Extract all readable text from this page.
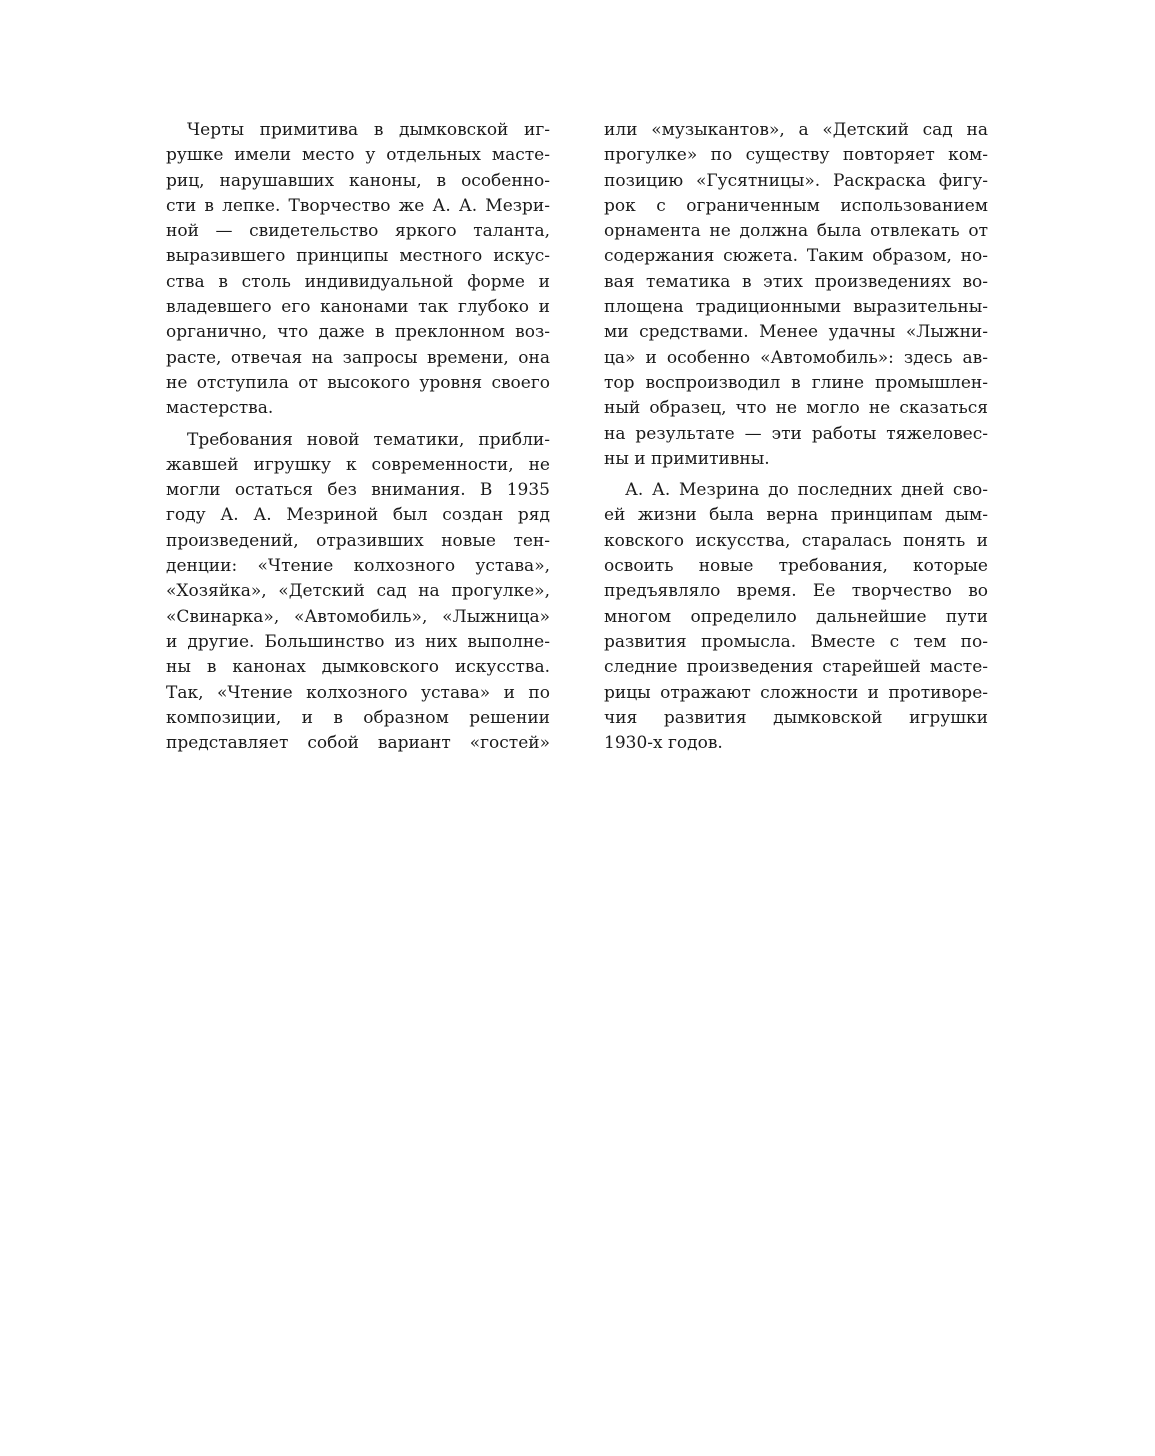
Черты примитива в дымковской иг-
рушке имели место у отдельных масте-
риц, нарушавших каноны, в особенно-
сти в лепке. Творчество же А. А. Мезри-
ной — свидетельство яркого таланта,
выразившего принципы местного искус-
ства в столь индивидуальной форме и
владевшего его канонами так глубоко и
органично, что даже в преклонном воз-
расте, отвечая на запросы времени, она
не отступила от высокого уровня своего
мастерства.
Требования новой тематики, прибли-
жавшей игрушку к современности, не
могли остаться без внимания. В 1935
году А. А. Мезриной был создан ряд
произведений, отразивших новые тен-
денции: «Чтение колхозного устава»,
«Хозяйка», «Детский сад на прогулке»,
«Свинарка», «Автомобиль», «Лыжница»
и другие. Большинство из них выполне-
ны в канонах дымковского искусства.
Так, «Чтение колхозного устава» и по
композиции, и в образном решении
представляет собой вариант «гостей»
или «музыкантов», а «Детский сад на
прогулке» по существу повторяет ком-
позицию «Гусятницы». Раскраска фигу-
рок с ограниченным использованием
орнамента не должна была отвлекать от
содержания сюжета. Таким образом, но-
вая тематика в этих произведениях во-
площена традиционными выразительны-
ми средствами. Менее удачны «Лыжни-
ца» и особенно «Автомобиль»: здесь ав-
тор воспроизводил в глине промышлен-
ный образец, что не могло не сказаться
на результате — эти работы тяжеловес-
ны и примитивны.
А. А. Мезрина до последних дней сво-
ей жизни была верна принципам дым-
ковского искусства, старалась понять и
освоить новые требования, которые
предъявляло время. Ее творчество во
многом определило дальнейшие пути
развития промысла. Вместе с тем по-
следние произведения старейшей масте-
рицы отражают сложности и противоре-
чия развития дымковской игрушки
1930-х годов.
